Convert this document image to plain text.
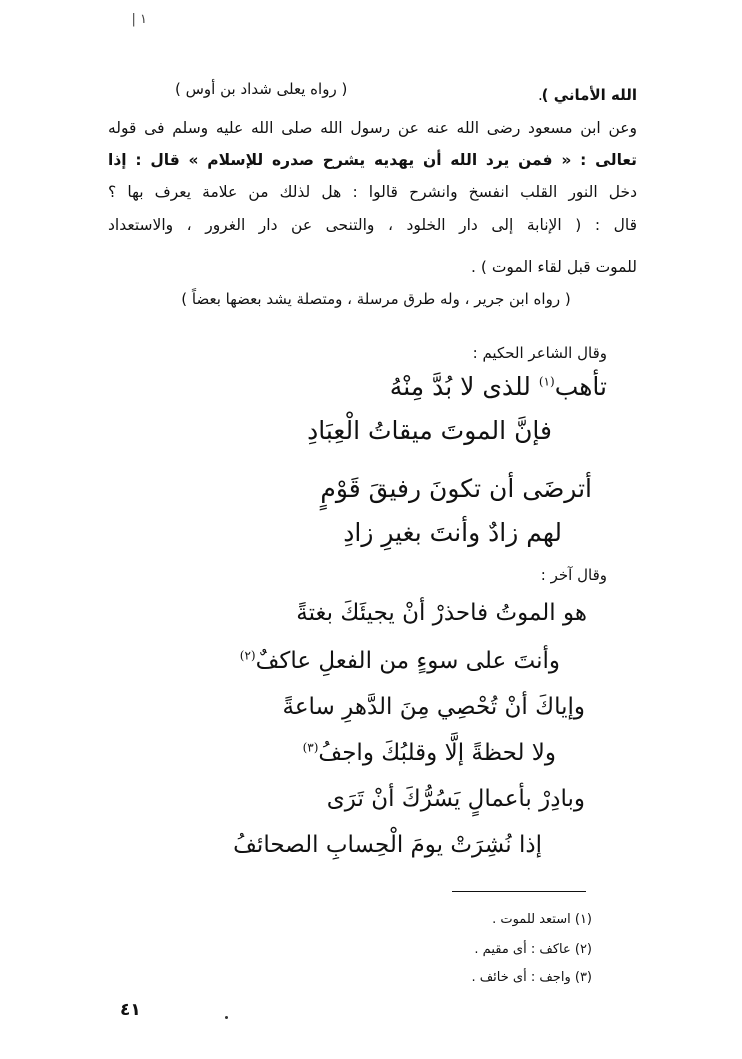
١ |
( رواه يعلى شداد بن أوس )	.
الله الأماني )
وعن ابن مسعود رضى الله عنه عن رسول الله صلى الله عليه وسلم فى قوله
تعالى : « فمن يرد الله أن يهديه يشرح صدره للإسلام » قال : إذا
دخل النور القلب انفسخ وانشرح قالوا : هل لذلك من علامة يعرف بها ؟
قال : ( الإنابة إلى دار الخلود ، والتنحى عن دار الغرور ، والاستعداد
للموت قبل لقاء الموت ) .
( رواه ابن جرير ، وله طرق مرسلة ، ومتصلة يشد بعضها بعضاً )
وقال الشاعر الحكيم :
تأهب$^{(١)}$ للذى لا بُدَّ مِنْهُ
فإنَّ الموتَ ميقاتُ الْعِبَادِ
أترضَى أن تكونَ رفيقَ قَوْمٍ
لهم زادٌ وأنتَ بغيرِ زادِ
وقال آخر :
هو الموتُ فاحذرْ أنْ يجيئَكَ بغتةً
وأنتَ على سوءٍ من الفعلِ عاكفٌ$^{(٢)}$
وإياكَ أنْ تُحْصِي مِنَ الدَّهرِ ساعةً
ولا لحظةً إلَّا وقلبُكَ واجفُ$^{(٣)}$
وبادِرْ بأعمالٍ يَسُرُّكَ أنْ تَرَى
إذا نُشِرَتْ يومَ الْحِسابِ الصحائفُ
(١) استعد للموت .
(٢) عاكف : أى مقيم .
(٣) واجف : أى خائف .
٤١
